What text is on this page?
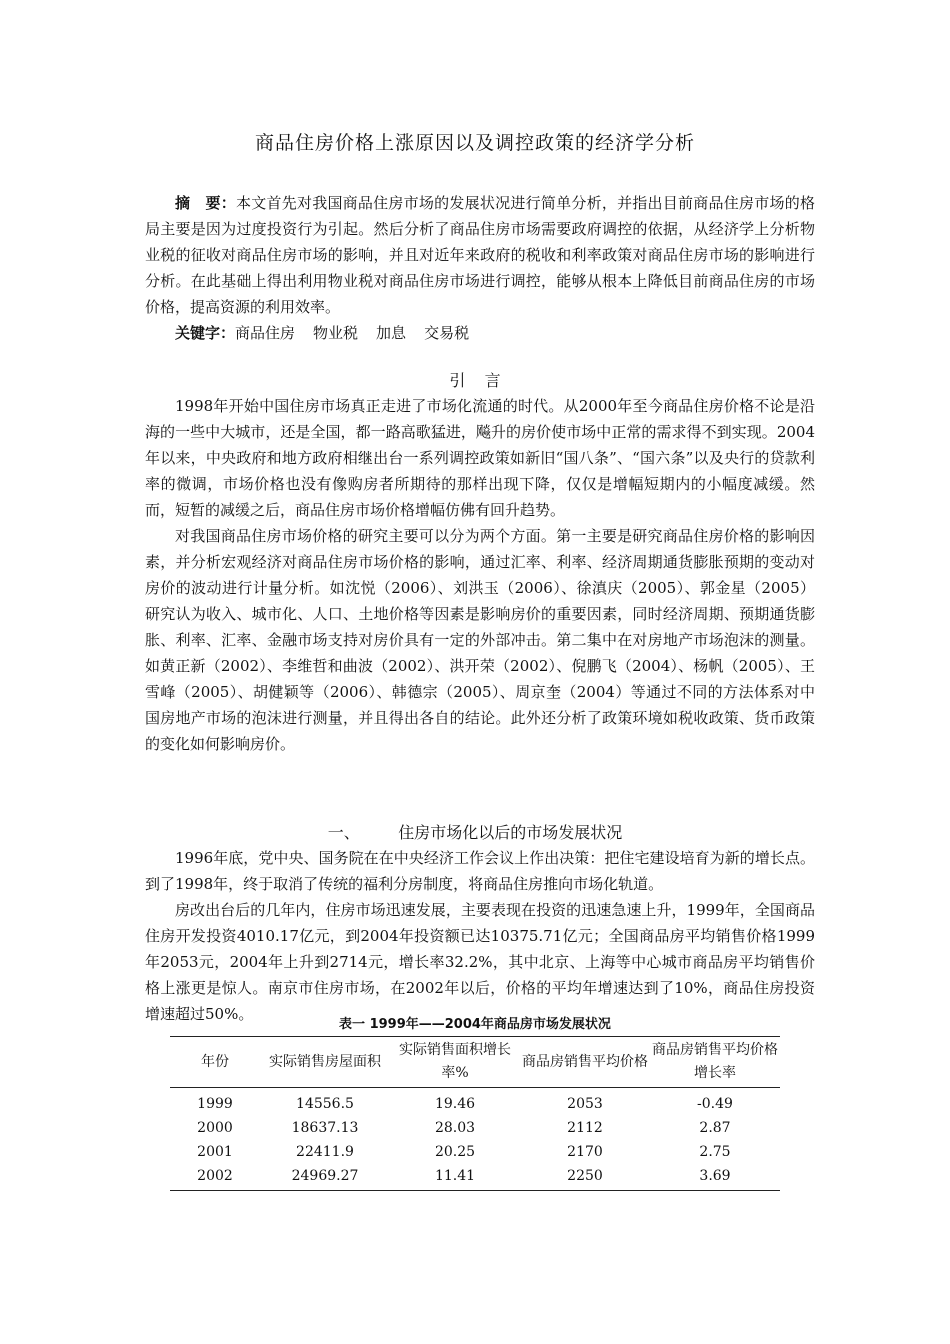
商品住房价格上涨原因以及调控政策的经济学分析

摘　要：本文首先对我国商品住房市场的发展状况进行简单分析，并指出目前商品住房市场的格局主要是因为过度投资行为引起。然后分析了商品住房市场需要政府调控的依据，从经济学上分析物业税的征收对商品住房市场的影响，并且对近年来政府的税收和利率政策对商品住房市场的影响进行分析。在此基础上得出利用物业税对商品住房市场进行调控，能够从根本上降低目前商品住房的市场价格，提高资源的利用效率。

关键字：商品住房 物业税 加息 交易税

引言

1998年开始中国住房市场真正走进了市场化流通的时代。从2000年至今商品住房价格不论是沿海的一些中大城市，还是全国，都一路高歌猛进，飚升的房价使市场中正常的需求得不到实现。2004年以来，中央政府和地方政府相继出台一系列调控政策如新旧“国八条”、“国六条”以及央行的贷款利率的微调，市场价格也没有像购房者所期待的那样出现下降，仅仅是增幅短期内的小幅度减缓。然而，短暂的减缓之后，商品住房市场价格增幅仿佛有回升趋势。

对我国商品住房市场价格的研究主要可以分为两个方面。第一主要是研究商品住房价格的影响因素，并分析宏观经济对商品住房市场价格的影响，通过汇率、利率、经济周期通货膨胀预期的变动对房价的波动进行计量分析。如沈悦（2006）、刘洪玉（2006）、徐滇庆（2005）、郭金星（2005）研究认为收入、城市化、人口、土地价格等因素是影响房价的重要因素，同时经济周期、预期通货膨胀、利率、汇率、金融市场支持对房价具有一定的外部冲击。第二集中在对房地产市场泡沫的测量。如黄正新（2002）、李维哲和曲波（2002）、洪开荣（2002）、倪鹏飞（2004）、杨帆（2005）、王雪峰（2005）、胡健颖等（2006）、韩德宗（2005）、周京奎（2004）等通过不同的方法体系对中国房地产市场的泡沫进行测量，并且得出各自的结论。此外还分析了政策环境如税收政策、货币政策的变化如何影响房价。

一、 住房市场化以后的市场发展状况

1996年底，党中央、国务院在在中央经济工作会议上作出决策：把住宅建设培育为新的增长点。到了1998年，终于取消了传统的福利分房制度，将商品住房推向市场化轨道。

房改出台后的几年内，住房市场迅速发展，主要表现在投资的迅速急速上升，1999年，全国商品住房开发投资4010.17亿元，到2004年投资额已达10375.71亿元；全国商品房平均销售价格1999年2053元，2004年上升到2714元，增长率32.2%，其中北京、上海等中心城市商品房平均销售价格上涨更是惊人。南京市住房市场，在2002年以后，价格的平均年增速达到了10%，商品住房投资增速超过50%。

表一 1999年——2004年商品房市场发展状况
年份	实际销售房屋面积	实际销售面积增长率%	商品房销售平均价格	商品房销售平均价格增长率
1999	14556.5	19.46	2053	-0.49
2000	18637.13	28.03	2112	2.87
2001	22411.9	20.25	2170	2.75
2002	24969.27	11.41	2250	3.69
